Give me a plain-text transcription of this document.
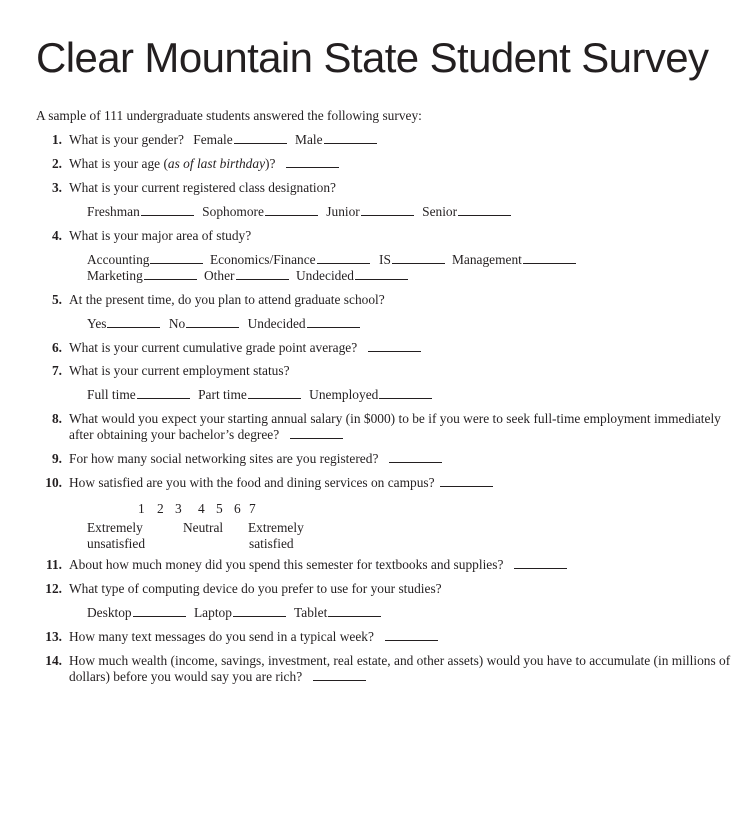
Clear Mountain State Student Survey
A sample of 111 undergraduate students answered the following survey:
1. What is your gender? Female	Male
2. What is your age (as of last birthday)?
3. What is your current registered class designation?
Freshman	Sophomore	Junior	Senior
4. What is your major area of study?
Accounting	Economics/Finance	IS	Management
Marketing	Other	Undecided
5. At the present time, do you plan to attend graduate school?
Yes	No	Undecided
6. What is your current cumulative grade point average?
7. What is your current employment status?
Full time	Part time	Unemployed
8. What would you expect your starting annual salary (in $000) to be if you were to seek full-time employment immediately
after obtaining your bachelor’s degree?
9. For how many social networking sites are you registered?
10. How satisfied are you with the food and dining services on campus?
1 2 3 4 5 6 7
Extremely
unsatisfied
Neutral Extremely
satisfied
11. About how much money did you spend this semester for textbooks and supplies?
12. What type of computing device do you prefer to use for your studies?
Desktop	Laptop	Tablet
13. How many text messages do you send in a typical week?
14. How much wealth (income, savings, investment, real estate, and other assets) would you have to accumulate (in millions of
dollars) before you would say you are rich?
